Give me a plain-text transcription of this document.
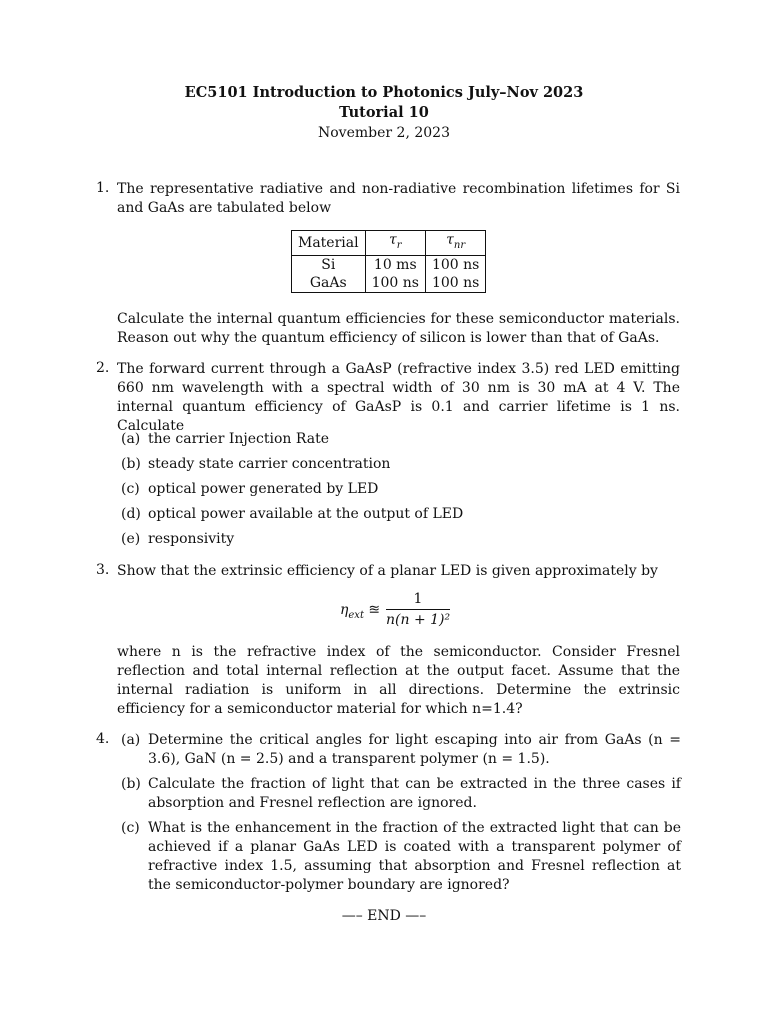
EC5101 Introduction to Photonics July–Nov 2023
Tutorial 10
November 2, 2023
1. The representative radiative and non-radiative recombination lifetimes for Si and GaAs are tabulated below
Material	$\tau_r$	$\tau_{nr}$
Si	10 ms	100 ns
GaAs	100 ns	100 ns
Calculate the internal quantum efficiencies for these semiconductor materials. Reason out why the quantum efficiency of silicon is lower than that of GaAs.
2. The forward current through a GaAsP (refractive index 3.5) red LED emitting 660 nm wavelength with a spectral width of 30 nm is 30 mA at 4 V. The internal quantum efficiency of GaAsP is 0.1 and carrier lifetime is 1 ns. Calculate
(a) the carrier Injection Rate
(b) steady state carrier concentration
(c) optical power generated by LED
(d) optical power available at the output of LED
(e) responsivity
3. Show that the extrinsic efficiency of a planar LED is given approximately by
$\eta_{ext}$ ≊
1
n(n + 1)²
where n is the refractive index of the semiconductor. Consider Fresnel reflection and total internal reflection at the output facet. Assume that the internal radiation is uniform in all directions. Determine the extrinsic efficiency for a semiconductor material for which n=1.4?
4. (a) Determine the critical angles for light escaping into air from GaAs (n = 3.6), GaN (n = 2.5) and a transparent polymer (n = 1.5).
(b) Calculate the fraction of light that can be extracted in the three cases if absorption and Fresnel reflection are ignored.
(c) What is the enhancement in the fraction of the extracted light that can be achieved if a planar GaAs LED is coated with a transparent polymer of refractive index 1.5, assuming that absorption and Fresnel reflection at the semiconductor-polymer boundary are ignored?
—– END —–
